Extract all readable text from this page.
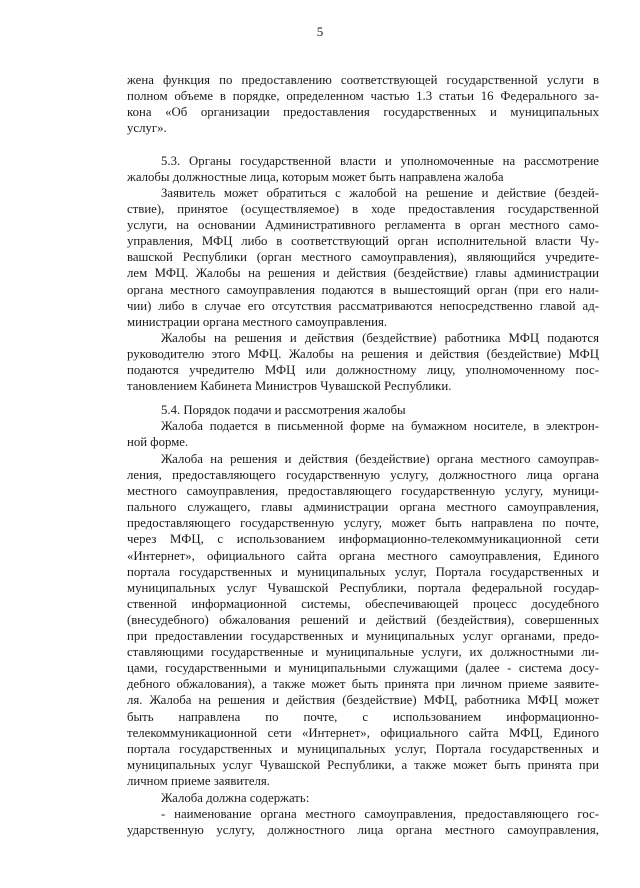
5

жена функция по предоставлению соответствующей государственной услуги в

полном объеме в порядке, определенном частью 1.3 статьи 16 Федерального за-

кона «Об организации предоставления государственных и муниципальных

услуг».

5.3. Органы государственной власти и уполномоченные на рассмотрение

жалобы должностные лица, которым может быть направлена жалоба

Заявитель может обратиться с жалобой на решение и действие (бездей-

ствие), принятое (осуществляемое) в ходе предоставления государственной

услуги, на основании Административного регламента в орган местного само-

управления, МФЦ либо в соответствующий орган исполнительной власти Чу-

вашской Республики (орган местного самоуправления), являющийся учредите-

лем МФЦ. Жалобы на решения и действия (бездействие) главы администрации

органа местного самоуправления подаются в вышестоящий орган (при его нали-

чии) либо в случае его отсутствия рассматриваются непосредственно главой ад-

министрации органа местного самоуправления.

Жалобы на решения и действия (бездействие) работника МФЦ подаются

руководителю этого МФЦ. Жалобы на решения и действия (бездействие) МФЦ

подаются учредителю МФЦ или должностному лицу, уполномоченному пос-

тановлением Кабинета Министров Чувашской Республики.

5.4. Порядок подачи и рассмотрения жалобы

Жалоба подается в письменной форме на бумажном носителе, в электрон-

ной форме.

Жалоба на решения и действия (бездействие) органа местного самоуправ-

ления, предоставляющего государственную услугу, должностного лица органа

местного самоуправления, предоставляющего государственную услугу, муници-

пального служащего, главы администрации органа местного самоуправления,

предоставляющего государственную услугу, может быть направлена по почте,

через МФЦ, с использованием информационно-телекоммуникационной сети

«Интернет», официального сайта органа местного самоуправления, Единого

портала государственных и муниципальных услуг, Портала государственных и

муниципальных услуг Чувашской Республики, портала федеральной государ-

ственной информационной системы, обеспечивающей процесс досудебного

(внесудебного) обжалования решений и действий (бездействия), совершенных

при предоставлении государственных и муниципальных услуг органами, предо-

ставляющими государственные и муниципальные услуги, их должностными ли-

цами, государственными и муниципальными служащими (далее - система досу-

дебного обжалования), а также может быть принята при личном приеме заявите-

ля. Жалоба на решения и действия (бездействие) МФЦ, работника МФЦ может

быть направлена по почте, с использованием информационно-

телекоммуникационной сети «Интернет», официального сайта МФЦ, Единого

портала государственных и муниципальных услуг, Портала государственных и

муниципальных услуг Чувашской Республики, а также может быть принята при

личном приеме заявителя.

Жалоба должна содержать:

- наименование органа местного самоуправления, предоставляющего гос-

ударственную услугу, должностного лица органа местного самоуправления,
